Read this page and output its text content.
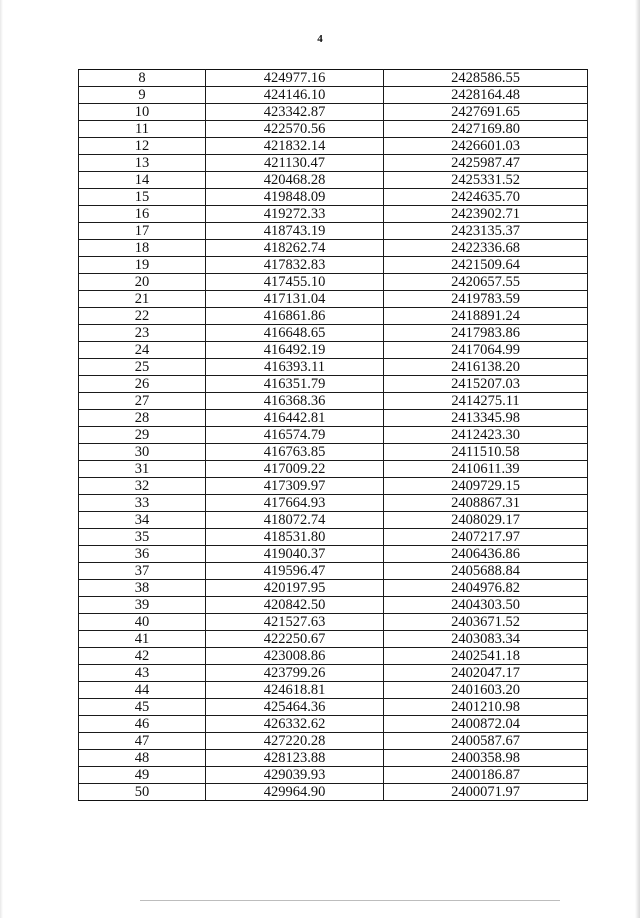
4
8	424977.16	2428586.55
9	424146.10	2428164.48
10	423342.87	2427691.65
11	422570.56	2427169.80
12	421832.14	2426601.03
13	421130.47	2425987.47
14	420468.28	2425331.52
15	419848.09	2424635.70
16	419272.33	2423902.71
17	418743.19	2423135.37
18	418262.74	2422336.68
19	417832.83	2421509.64
20	417455.10	2420657.55
21	417131.04	2419783.59
22	416861.86	2418891.24
23	416648.65	2417983.86
24	416492.19	2417064.99
25	416393.11	2416138.20
26	416351.79	2415207.03
27	416368.36	2414275.11
28	416442.81	2413345.98
29	416574.79	2412423.30
30	416763.85	2411510.58
31	417009.22	2410611.39
32	417309.97	2409729.15
33	417664.93	2408867.31
34	418072.74	2408029.17
35	418531.80	2407217.97
36	419040.37	2406436.86
37	419596.47	2405688.84
38	420197.95	2404976.82
39	420842.50	2404303.50
40	421527.63	2403671.52
41	422250.67	2403083.34
42	423008.86	2402541.18
43	423799.26	2402047.17
44	424618.81	2401603.20
45	425464.36	2401210.98
46	426332.62	2400872.04
47	427220.28	2400587.67
48	428123.88	2400358.98
49	429039.93	2400186.87
50	429964.90	2400071.97
